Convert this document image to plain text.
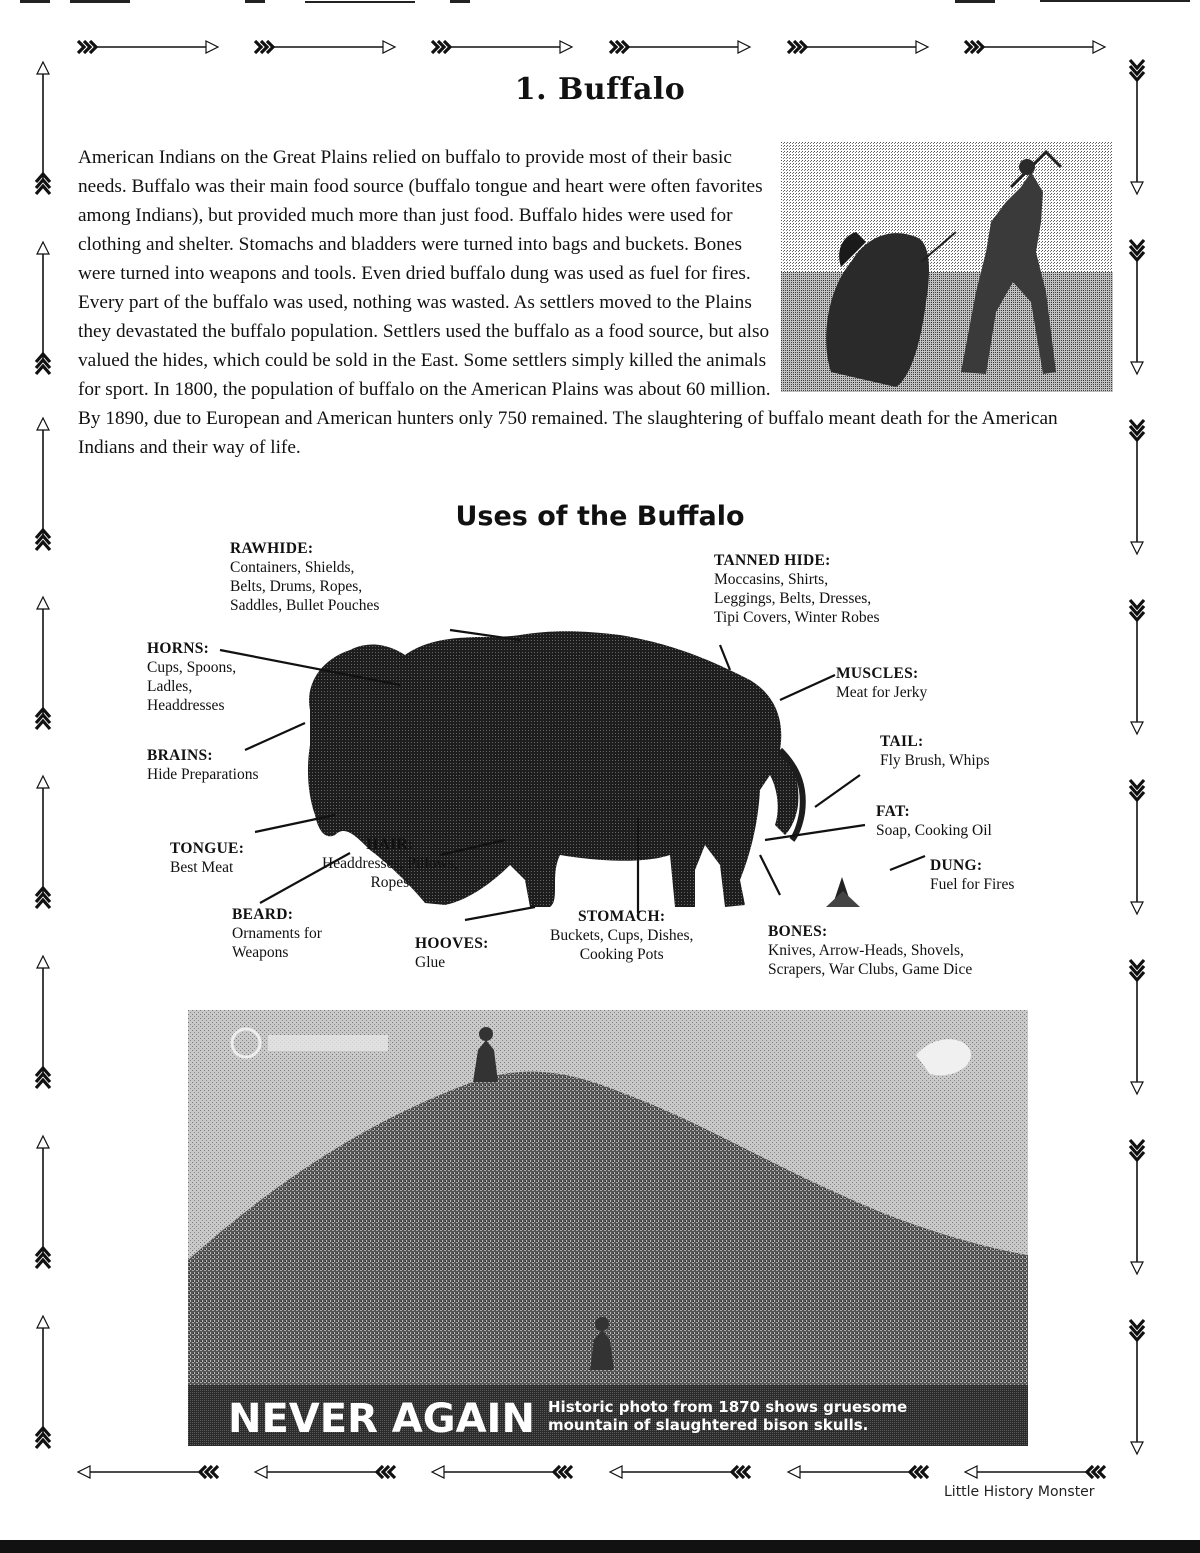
1. Buffalo
American Indians on the Great Plains relied on buffalo to provide most of their basic needs. Buffalo was their main food source (buffalo tongue and heart were often favorites among Indians), but provided much more than just food. Buffalo hides were used for clothing and shelter. Stomachs and bladders were turned into bags and buckets. Bones were turned into weapons and tools. Even dried buffalo dung was used as fuel for fires. Every part of the buffalo was used, nothing was wasted. As settlers moved to the Plains they devastated the buffalo population. Settlers used the buffalo as a food source, but also valued the hides, which could be sold in the East. Some settlers simply killed the animals for sport. In 1800, the population of buffalo on the American Plains was about 60 million. By 1890, due to European and American hunters only 750 remained. The slaughtering of buffalo meant death for the American Indians and their way of life.
Uses of the Buffalo
RAWHIDE:
Containers, Shields,
Belts, Drums, Ropes,
Saddles, Bullet Pouches
TANNED HIDE:
Moccasins, Shirts,
Leggings, Belts, Dresses,
Tipi Covers, Winter Robes
HORNS:
Cups, Spoons,
Ladles,
Headdresses
MUSCLES:
Meat for Jerky
BRAINS:
Hide Preparations
TAIL:
Fly Brush, Whips
FAT:
Soap, Cooking Oil
TONGUE:
Best Meat
HAIR:
Headdresses, Pillows,
Ropes
DUNG:
Fuel for Fires
BEARD:
Ornaments for
Weapons
STOMACH:
Buckets, Cups, Dishes,
Cooking Pots
BONES:
Knives, Arrow-Heads, Shovels,
Scrapers, War Clubs, Game Dice
HOOVES:
Glue
NEVER AGAIN Historic photo from 1870 shows gruesome
mountain of slaughtered bison skulls.
Little History Monster
